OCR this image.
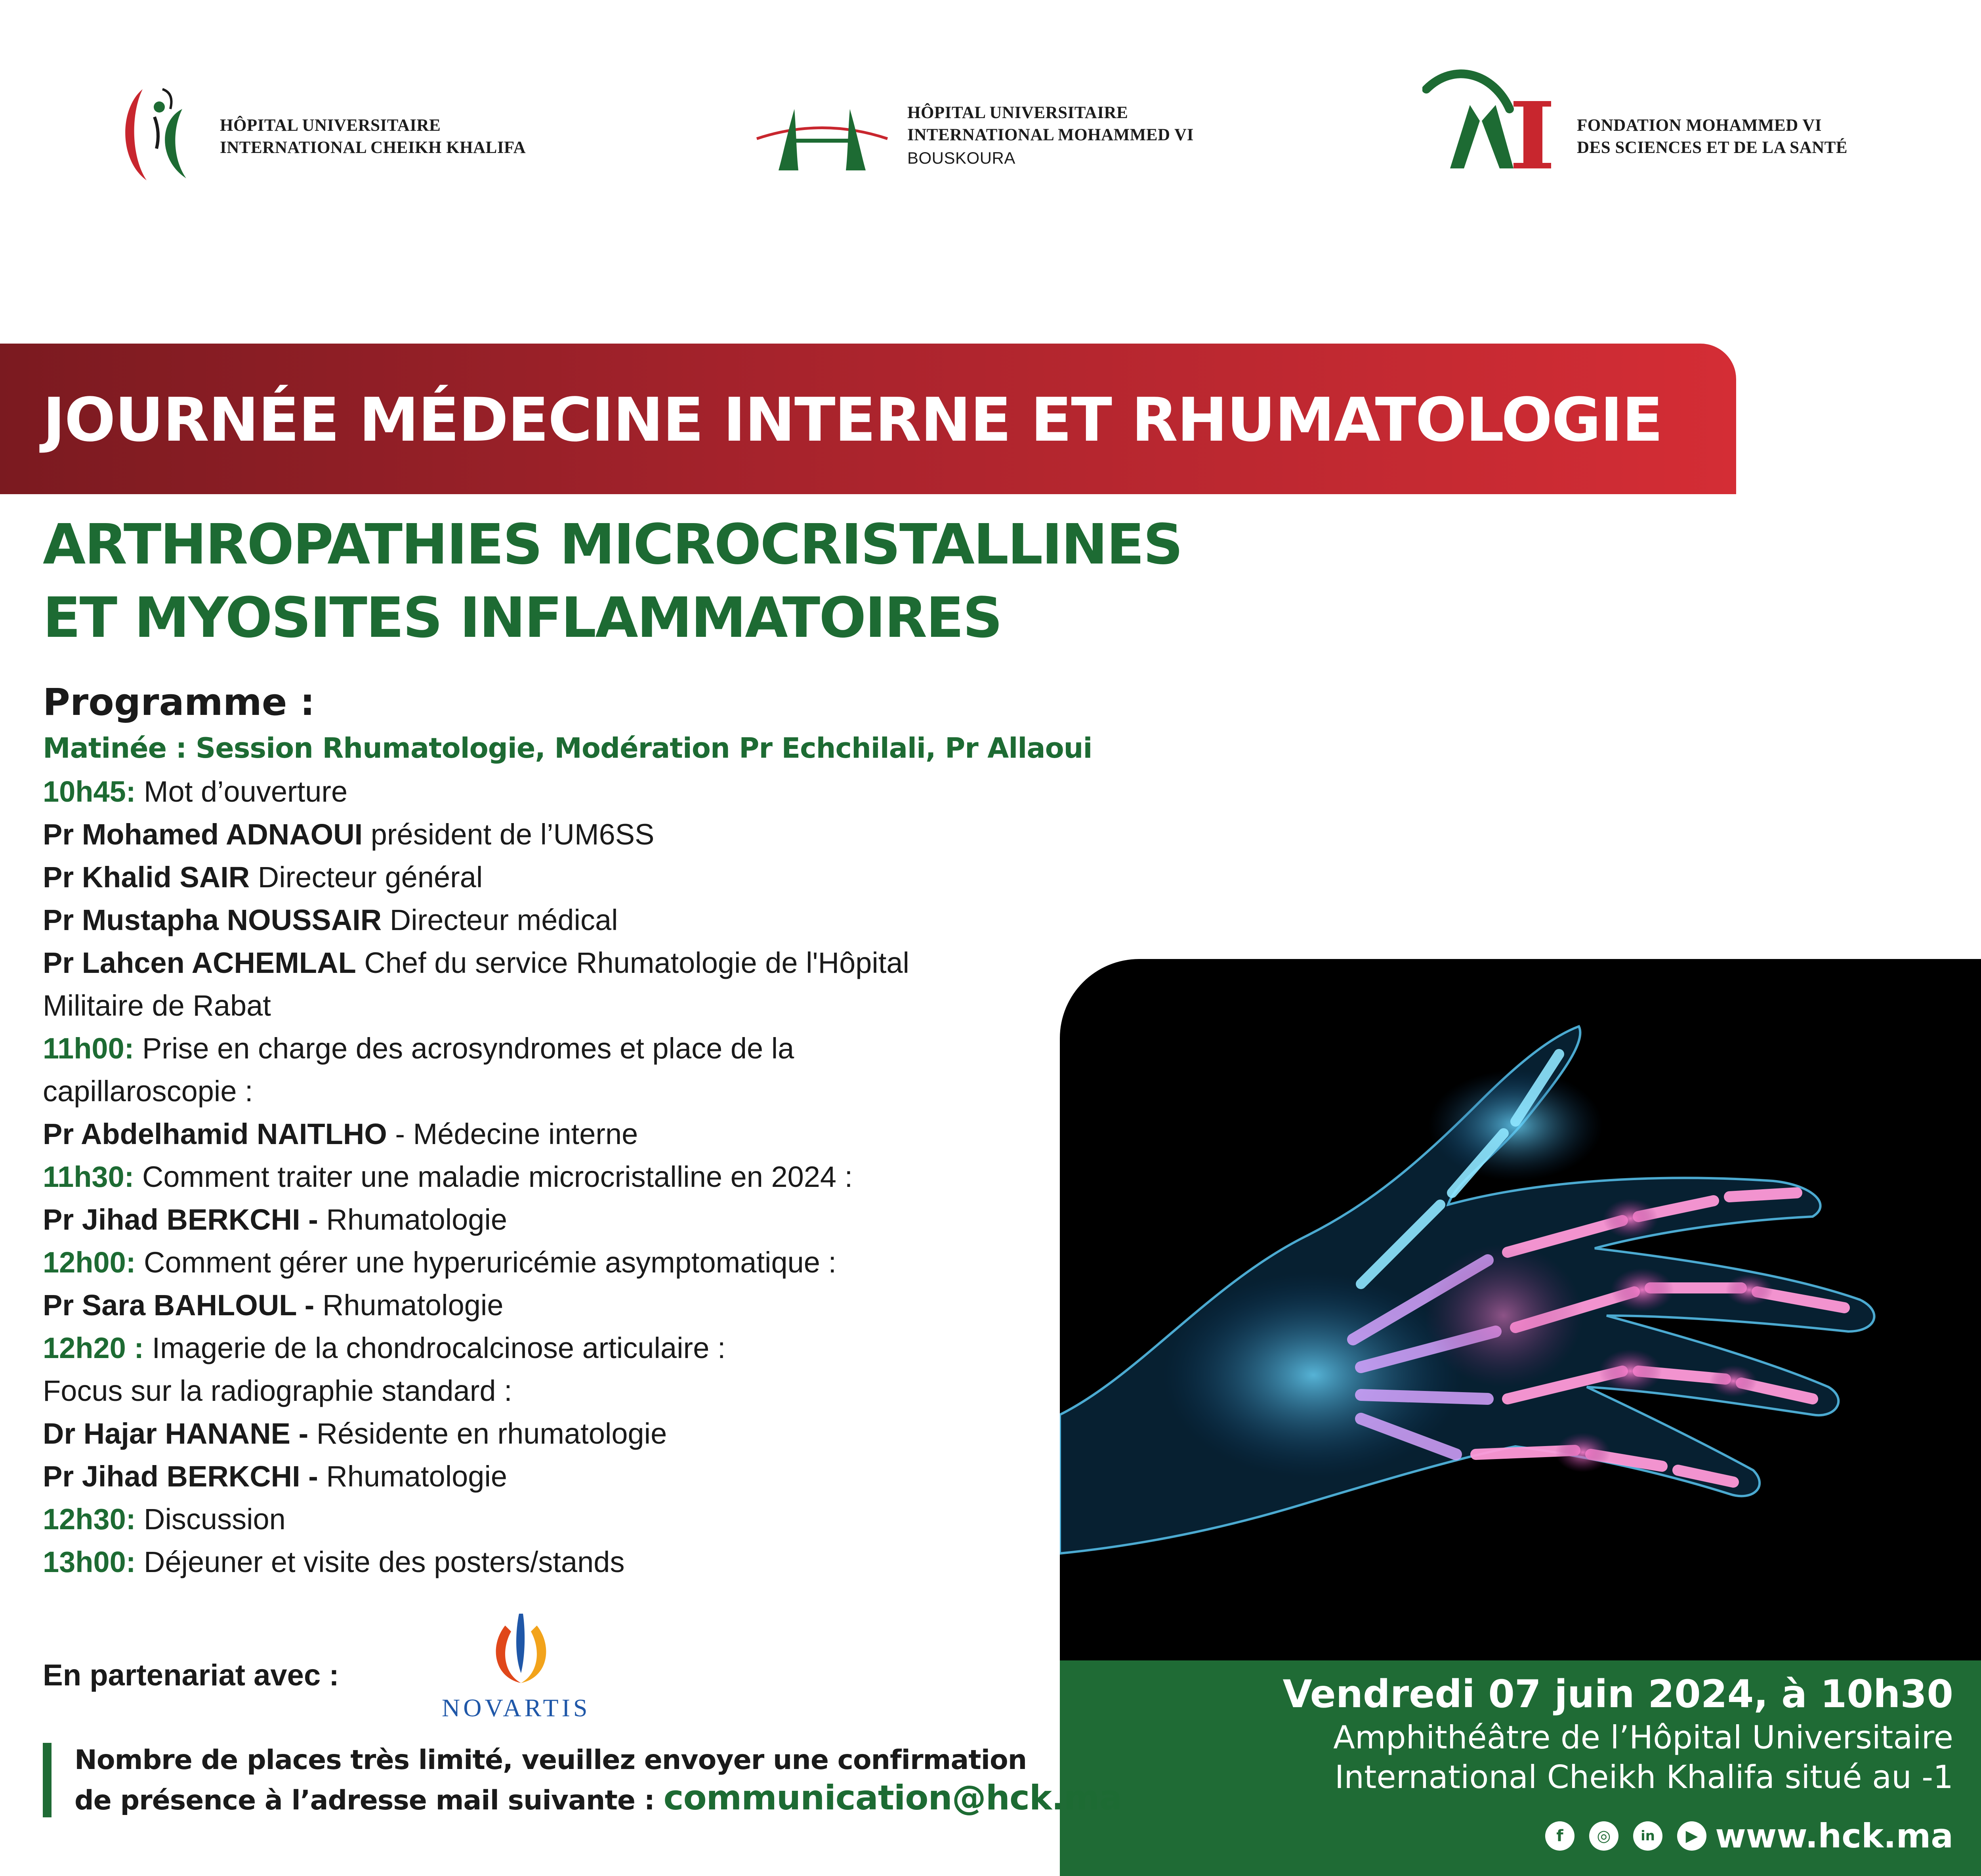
HÔPITAL UNIVERSITAIRE
INTERNATIONAL CHEIKH KHALIFA
HÔPITAL UNIVERSITAIRE
INTERNATIONAL MOHAMMED VI
BOUSKOURA
FONDATION MOHAMMED VI
DES SCIENCES ET DE LA SANTÉ
JOURNÉE MÉDECINE INTERNE ET RHUMATOLOGIE
ARTHROPATHIES MICROCRISTALLINES
ET MYOSITES INFLAMMATOIRES
Programme :
Matinée : Session Rhumatologie, Modération Pr Echchilali, Pr Allaoui
10h45: Mot d’ouverture
Pr Mohamed ADNAOUI président de l’UM6SS
Pr Khalid SAIR Directeur général
Pr Mustapha NOUSSAIR Directeur médical
Pr Lahcen ACHEMLAL Chef du service Rhumatologie de l'Hôpital
Militaire de Rabat
11h00: Prise en charge des acrosyndromes et place de la
capillaroscopie :
Pr Abdelhamid NAITLHO - Médecine interne
11h30: Comment traiter une maladie microcristalline en 2024 :
Pr Jihad BERKCHI - Rhumatologie
12h00: Comment gérer une hyperuricémie asymptomatique :
Pr Sara BAHLOUL - Rhumatologie
12h20 : Imagerie de la chondrocalcinose articulaire :
Focus sur la radiographie standard :
Dr Hajar HANANE - Résidente en rhumatologie
Pr Jihad BERKCHI - Rhumatologie
12h30: Discussion
13h00: Déjeuner et visite des posters/stands
Vendredi 07 juin 2024, à 10h30
Amphithéâtre de l’Hôpital Universitaire
International Cheikh Khalifa situé au -1
f	◎	in	▶ www.hck.ma
En partenariat avec :
NOVARTIS
Nombre de places très limité, veuillez envoyer une confirmation
de présence à l’adresse mail suivante : communication@hck.ma
